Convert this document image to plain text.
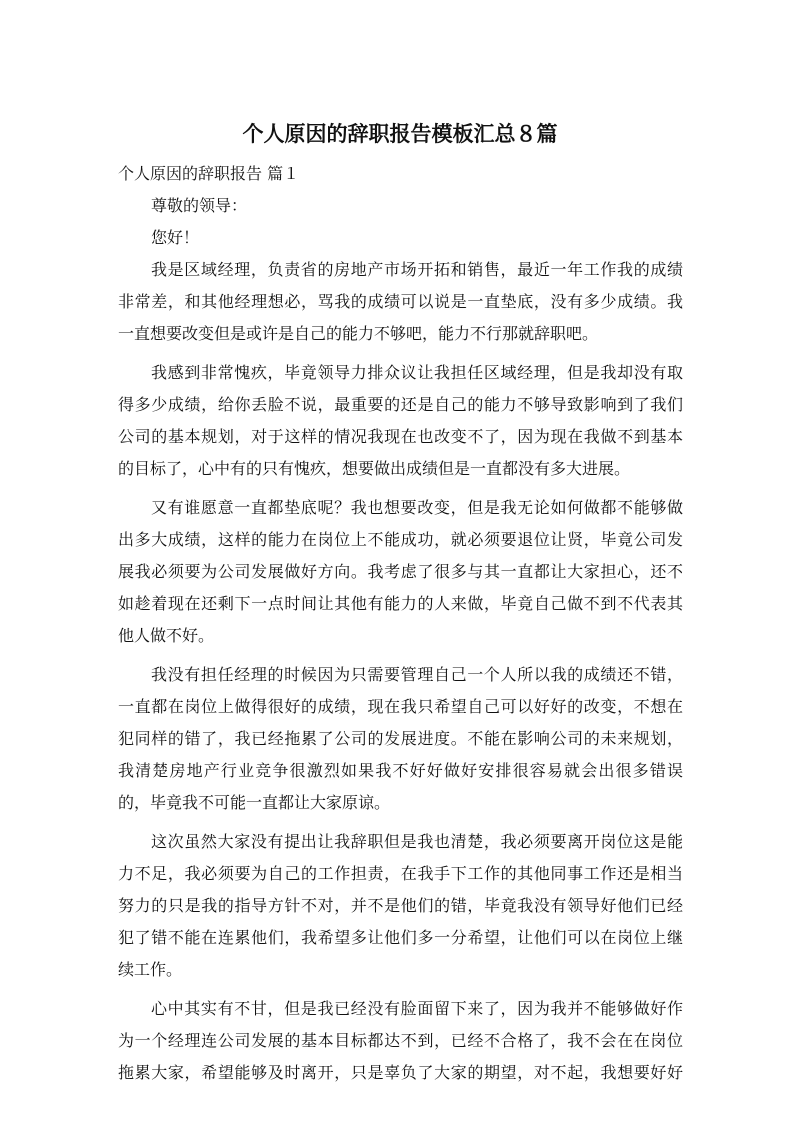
个人原因的辞职报告模板汇总８篇

个人原因的辞职报告 篇１

尊敬的领导：

您好！

我是区域经理，负责省的房地产市场开拓和销售，最近一年工作我的成绩
非常差，和其他经理想必，骂我的成绩可以说是一直垫底，没有多少成绩。我
一直想要改变但是或许是自己的能力不够吧，能力不行那就辞职吧。
我感到非常愧疚，毕竟领导力排众议让我担任区域经理，但是我却没有取
得多少成绩，给你丢脸不说，最重要的还是自己的能力不够导致影响到了我们
公司的基本规划，对于这样的情况我现在也改变不了，因为现在我做不到基本
的目标了，心中有的只有愧疚，想要做出成绩但是一直都没有多大进展。
又有谁愿意一直都垫底呢？我也想要改变，但是我无论如何做都不能够做
出多大成绩，这样的能力在岗位上不能成功，就必须要退位让贤，毕竟公司发
展我必须要为公司发展做好方向。我考虑了很多与其一直都让大家担心，还不
如趁着现在还剩下一点时间让其他有能力的人来做，毕竟自己做不到不代表其
他人做不好。
我没有担任经理的时候因为只需要管理自己一个人所以我的成绩还不错，
一直都在岗位上做得很好的成绩，现在我只希望自己可以好好的改变，不想在
犯同样的错了，我已经拖累了公司的发展进度。不能在影响公司的未来规划，
我清楚房地产行业竞争很激烈如果我不好好做好安排很容易就会出很多错误
的，毕竟我不可能一直都让大家原谅。
这次虽然大家没有提出让我辞职但是我也清楚，我必须要离开岗位这是能
力不足，我必须要为自己的工作担责，在我手下工作的其他同事工作还是相当
努力的只是我的指导方针不对，并不是他们的错，毕竟我没有领导好他们已经
犯了错不能在连累他们，我希望多让他们多一分希望，让他们可以在岗位上继
续工作。
心中其实有不甘，但是我已经没有脸面留下来了，因为我并不能够做好作
为一个经理连公司发展的基本目标都达不到，已经不合格了，我不会在在岗位
拖累大家，希望能够及时离开，只是辜负了大家的期望，对不起，我想要好好
